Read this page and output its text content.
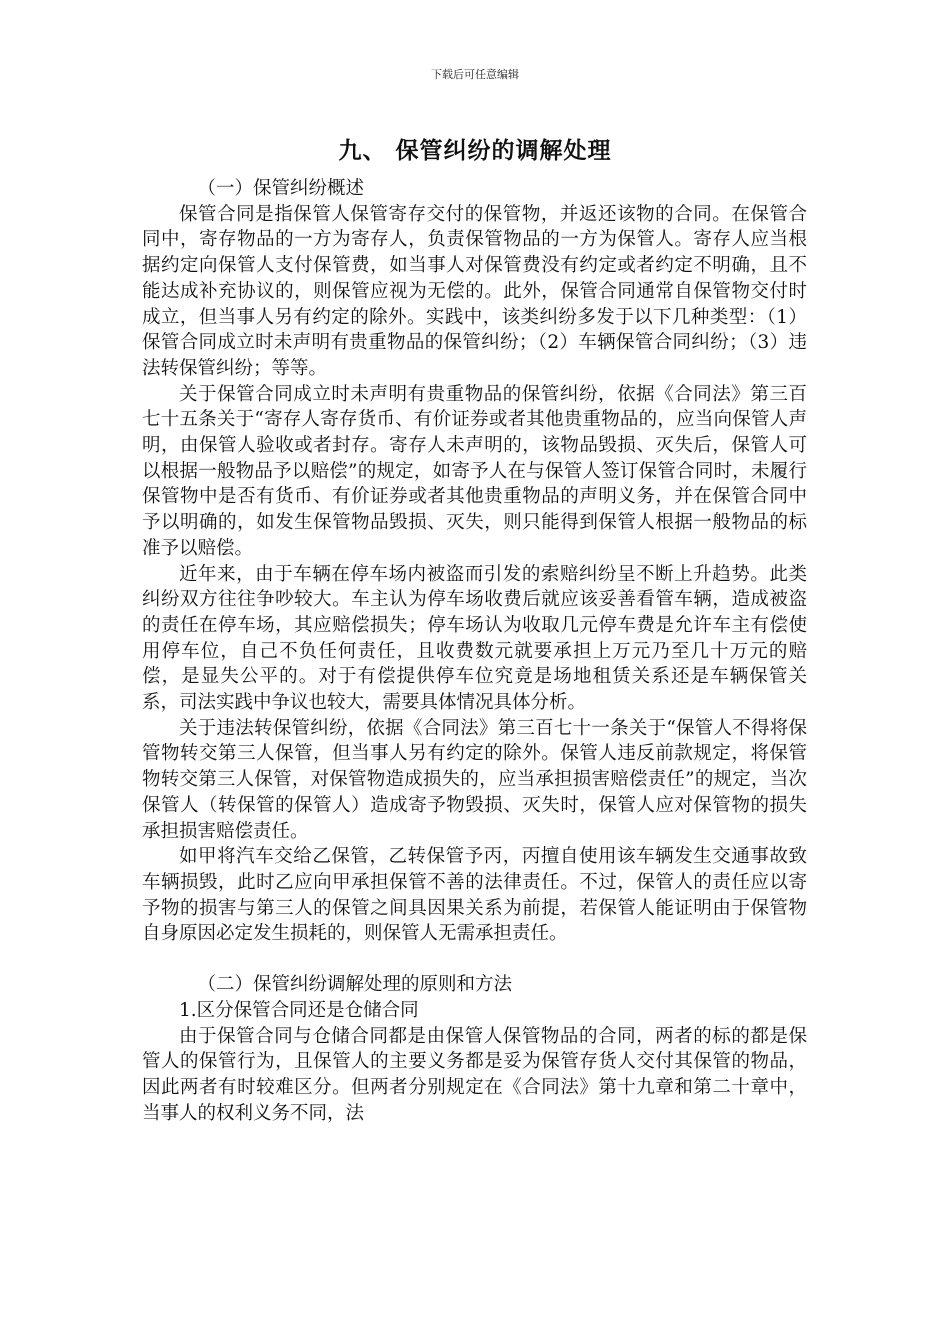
下载后可任意编辑
九、 保管纠纷的调解处理
（一）保管纠纷概述

保管合同是指保管人保管寄存交付的保管物，并返还该物的合同。在保管合同中，寄存物品的一方为寄存人，负责保管物品的一方为保管人。寄存人应当根据约定向保管人支付保管费，如当事人对保管费没有约定或者约定不明确，且不能达成补充协议的，则保管应视为无偿的。此外，保管合同通常自保管物交付时成立，但当事人另有约定的除外。实践中，该类纠纷多发于以下几种类型：（1）保管合同成立时未声明有贵重物品的保管纠纷；（2）车辆保管合同纠纷；（3）违法转保管纠纷；等等。

关于保管合同成立时未声明有贵重物品的保管纠纷，依据《合同法》第三百七十五条关于“寄存人寄存货币、有价证券或者其他贵重物品的，应当向保管人声明，由保管人验收或者封存。寄存人未声明的，该物品毁损、灭失后，保管人可以根据一般物品予以赔偿”的规定，如寄予人在与保管人签订保管合同时，未履行保管物中是否有货币、有价证券或者其他贵重物品的声明义务，并在保管合同中予以明确的，如发生保管物品毁损、灭失，则只能得到保管人根据一般物品的标准予以赔偿。

近年来，由于车辆在停车场内被盗而引发的索赔纠纷呈不断上升趋势。此类纠纷双方往往争吵较大。车主认为停车场收费后就应该妥善看管车辆，造成被盗的责任在停车场，其应赔偿损失；停车场认为收取几元停车费是允许车主有偿使用停车位，自己不负任何责任，且收费数元就要承担上万元乃至几十万元的赔偿，是显失公平的。对于有偿提供停车位究竟是场地租赁关系还是车辆保管关系，司法实践中争议也较大，需要具体情况具体分析。

关于违法转保管纠纷，依据《合同法》第三百七十一条关于“保管人不得将保管物转交第三人保管，但当事人另有约定的除外。保管人违反前款规定，将保管物转交第三人保管，对保管物造成损失的，应当承担损害赔偿责任”的规定，当次保管人（转保管的保管人）造成寄予物毁损、灭失时，保管人应对保管物的损失承担损害赔偿责任。

如甲将汽车交给乙保管，乙转保管予丙，丙擅自使用该车辆发生交通事故致车辆损毁，此时乙应向甲承担保管不善的法律责任。不过，保管人的责任应以寄予物的损害与第三人的保管之间具因果关系为前提，若保管人能证明由于保管物自身原因必定发生损耗的，则保管人无需承担责任。

（二）保管纠纷调解处理的原则和方法
1.区分保管合同还是仓储合同

由于保管合同与仓储合同都是由保管人保管物品的合同，两者的标的都是保管人的保管行为，且保管人的主要义务都是妥为保管存货人交付其保管的物品，因此两者有时较难区分。但两者分别规定在《合同法》第十九章和第二十章中，当事人的权利义务不同，法
